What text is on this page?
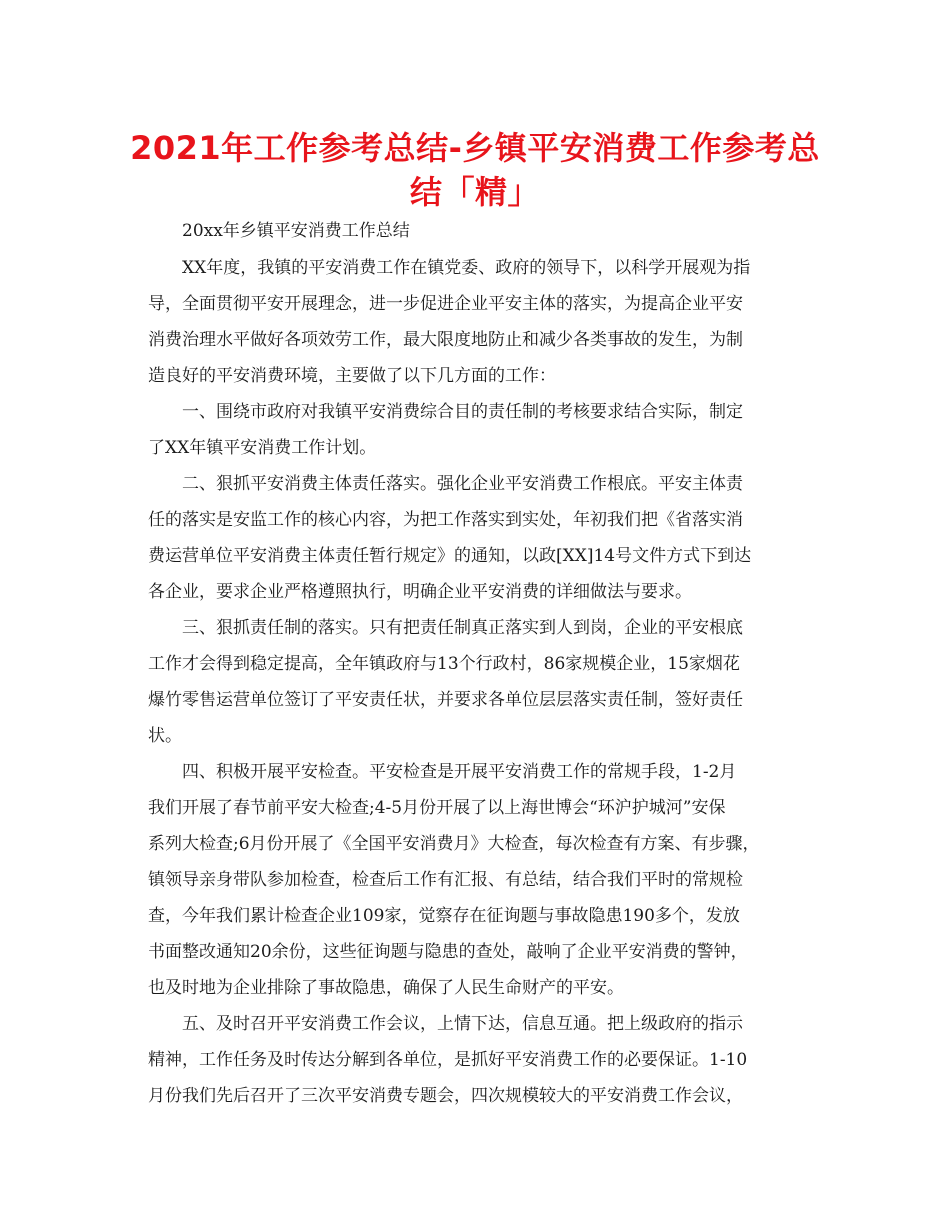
2021年工作参考总结-乡镇平安消费工作参考总
结「精」
20xx年乡镇平安消费工作总结
XX年度，我镇的平安消费工作在镇党委、政府的领导下，以科学开展观为指
导，全面贯彻平安开展理念，进一步促进企业平安主体的落实，为提高企业平安
消费治理水平做好各项效劳工作，最大限度地防止和减少各类事故的发生，为制
造良好的平安消费环境，主要做了以下几方面的工作：
一、围绕市政府对我镇平安消费综合目的责任制的考核要求结合实际，制定
了XX年镇平安消费工作计划。
二、狠抓平安消费主体责任落实。强化企业平安消费工作根底。平安主体责
任的落实是安监工作的核心内容，为把工作落实到实处，年初我们把《省落实消
费运营单位平安消费主体责任暂行规定》的通知，以政[XX]14号文件方式下到达
各企业，要求企业严格遵照执行，明确企业平安消费的详细做法与要求。
三、狠抓责任制的落实。只有把责任制真正落实到人到岗，企业的平安根底
工作才会得到稳定提高，全年镇政府与13个行政村，86家规模企业，15家烟花
爆竹零售运营单位签订了平安责任状，并要求各单位层层落实责任制，签好责任
状。
四、积极开展平安检查。平安检查是开展平安消费工作的常规手段，1-2月
我们开展了春节前平安大检查;4-5月份开展了以上海世博会“环沪护城河”安保
系列大检查;6月份开展了《全国平安消费月》大检查，每次检查有方案、有步骤，
镇领导亲身带队参加检查，检查后工作有汇报、有总结，结合我们平时的常规检
查，今年我们累计检查企业109家，觉察存在征询题与事故隐患190多个，发放
书面整改通知20余份，这些征询题与隐患的查处，敲响了企业平安消费的警钟，
也及时地为企业排除了事故隐患，确保了人民生命财产的平安。
五、及时召开平安消费工作会议，上情下达，信息互通。把上级政府的指示
精神，工作任务及时传达分解到各单位，是抓好平安消费工作的必要保证。1-10
月份我们先后召开了三次平安消费专题会，四次规模较大的平安消费工作会议，
